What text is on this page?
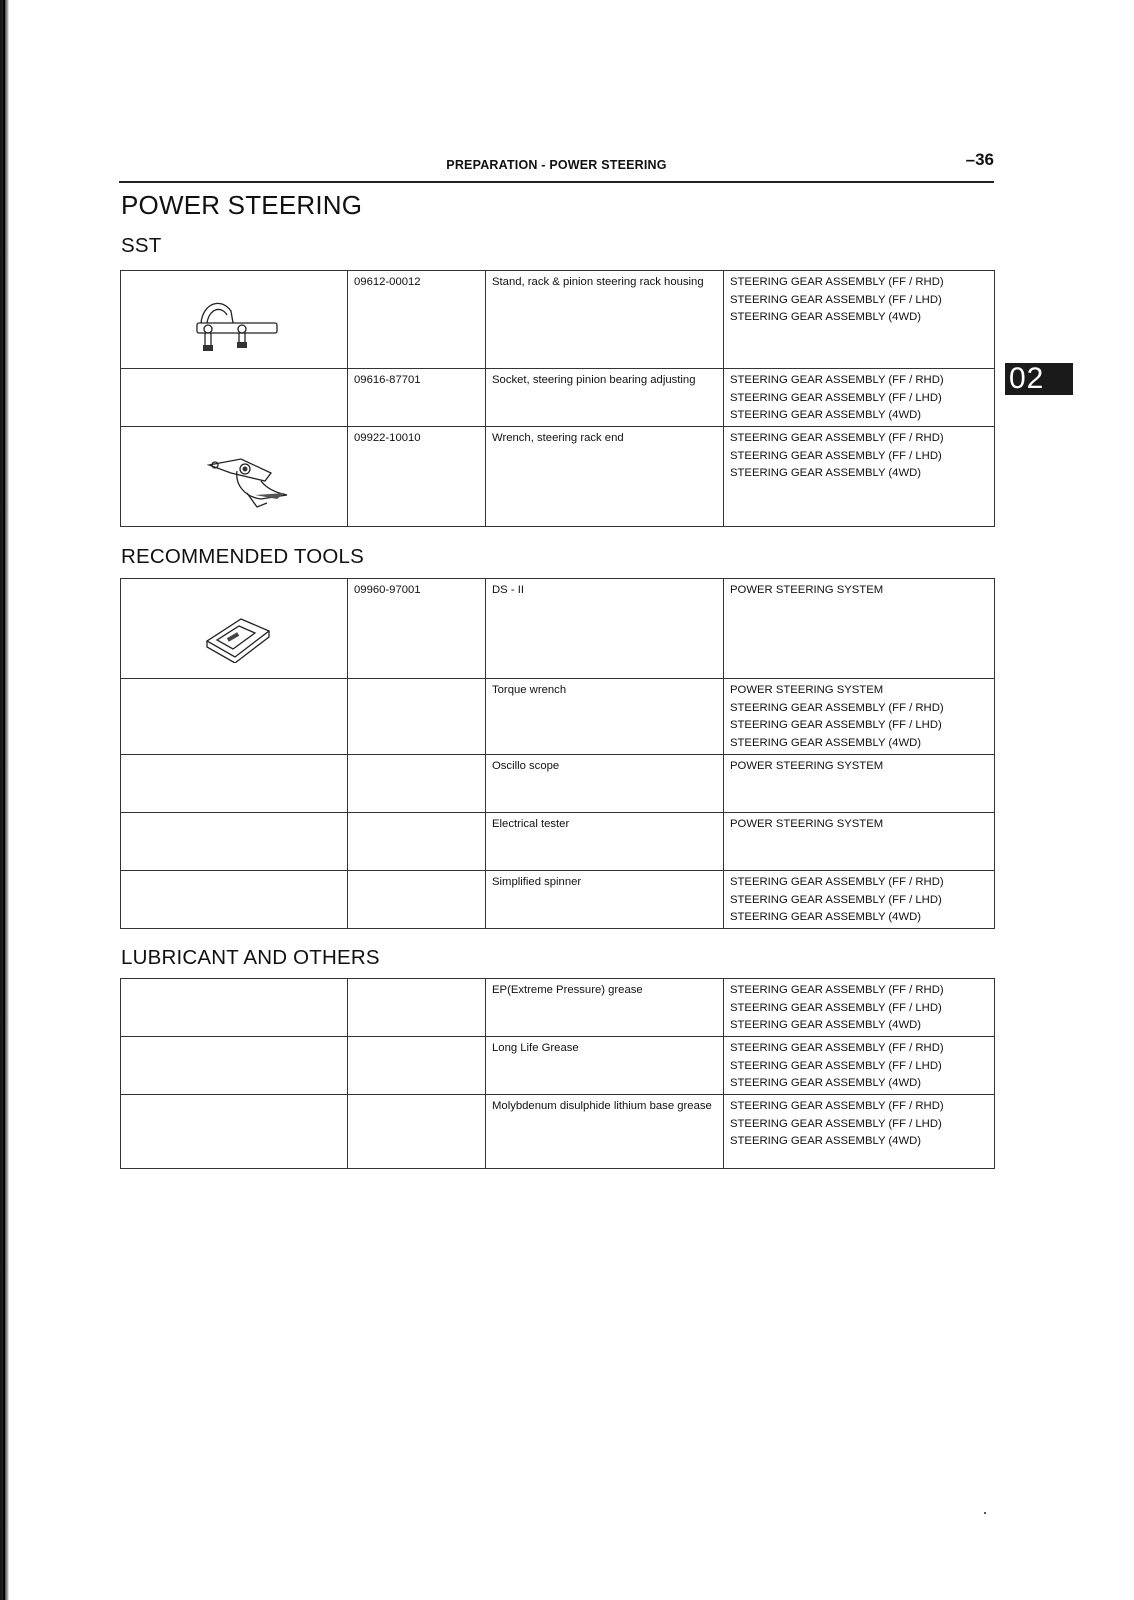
PREPARATION - POWER STEERING	–36
02
POWER STEERING
SST
	09612-00012	Stand, rack & pinion steering rack housing	STEERING GEAR ASSEMBLY (FF / RHD)
STEERING GEAR ASSEMBLY (FF / LHD)
STEERING GEAR ASSEMBLY (4WD)

	09616-87701	Socket, steering pinion bearing adjusting	STEERING GEAR ASSEMBLY (FF / RHD)
STEERING GEAR ASSEMBLY (FF / LHD)
STEERING GEAR ASSEMBLY (4WD)

	09922-10010	Wrench, steering rack end	STEERING GEAR ASSEMBLY (FF / RHD)
STEERING GEAR ASSEMBLY (FF / LHD)
STEERING GEAR ASSEMBLY (4WD)
RECOMMENDED TOOLS
	09960-97001	DS - II	POWER STEERING SYSTEM

		Torque wrench	POWER STEERING SYSTEM
STEERING GEAR ASSEMBLY (FF / RHD)
STEERING GEAR ASSEMBLY (FF / LHD)
STEERING GEAR ASSEMBLY (4WD)

		Oscillo scope	POWER STEERING SYSTEM

		Electrical tester	POWER STEERING SYSTEM

		Simplified spinner	STEERING GEAR ASSEMBLY (FF / RHD)
STEERING GEAR ASSEMBLY (FF / LHD)
STEERING GEAR ASSEMBLY (4WD)
LUBRICANT AND OTHERS
		EP(Extreme Pressure) grease	STEERING GEAR ASSEMBLY (FF / RHD)
STEERING GEAR ASSEMBLY (FF / LHD)
STEERING GEAR ASSEMBLY (4WD)

		Long Life Grease	STEERING GEAR ASSEMBLY (FF / RHD)
STEERING GEAR ASSEMBLY (FF / LHD)
STEERING GEAR ASSEMBLY (4WD)

		Molybdenum disulphide lithium base grease	STEERING GEAR ASSEMBLY (FF / RHD)
STEERING GEAR ASSEMBLY (FF / LHD)
STEERING GEAR ASSEMBLY (4WD)
